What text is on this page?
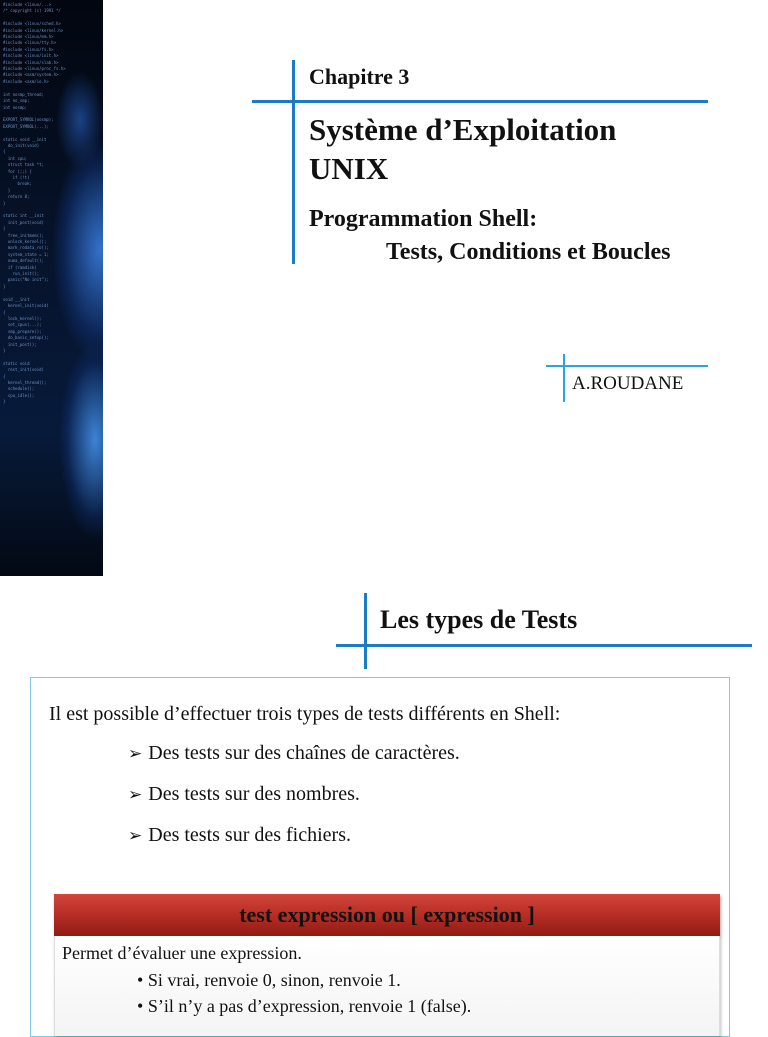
#include <linux/...>
/* copyright (c) 1991 */

#include <linux/sched.h>
#include <linux/kernel.h>
#include <linux/mm.h>
#include <linux/tty.h>
#include <linux/fs.h>
#include <linux/init.h>
#include <linux/slab.h>
#include <linux/proc_fs.h>
#include <asm/system.h>
#include <asm/io.h>

int nosmp_thread;
int no_smp;
int nosmp;

EXPORT_SYMBOL(nosmp);
EXPORT_SYMBOL(...);

static void __init
do_init(void)
{
int cpu;
struct task *t;
for (;;) {
if (!t)
break;
}
return 0;
}

static int __init
init_post(void)
{
free_initmem();
unlock_kernel();
mark_rodata_ro();
system_state = 1;
numa_default();
if (ramdisk)
run_init();
panic("No init");
}

void __init
kernel_init(void)
{
lock_kernel();
set_cpus(...);
smp_prepare();
do_basic_setup();
init_post();
}

static void
rest_init(void)
{
kernel_thread();
schedule();
cpu_idle();
}

Chapitre 3
Système d’Exploitation
UNIX
Programmation Shell:
Tests, Conditions et Boucles
A.ROUDANE
Les types de Tests
Il est possible d’effectuer trois types de tests différents en Shell:
➢ Des tests sur des chaînes de caractères.
➢ Des tests sur des nombres.
➢ Des tests sur des fichiers.
test expression ou [ expression ]
Permet d’évaluer une expression.
• Si vrai, renvoie 0, sinon, renvoie 1.
• S’il n’y a pas d’expression, renvoie 1 (false).
